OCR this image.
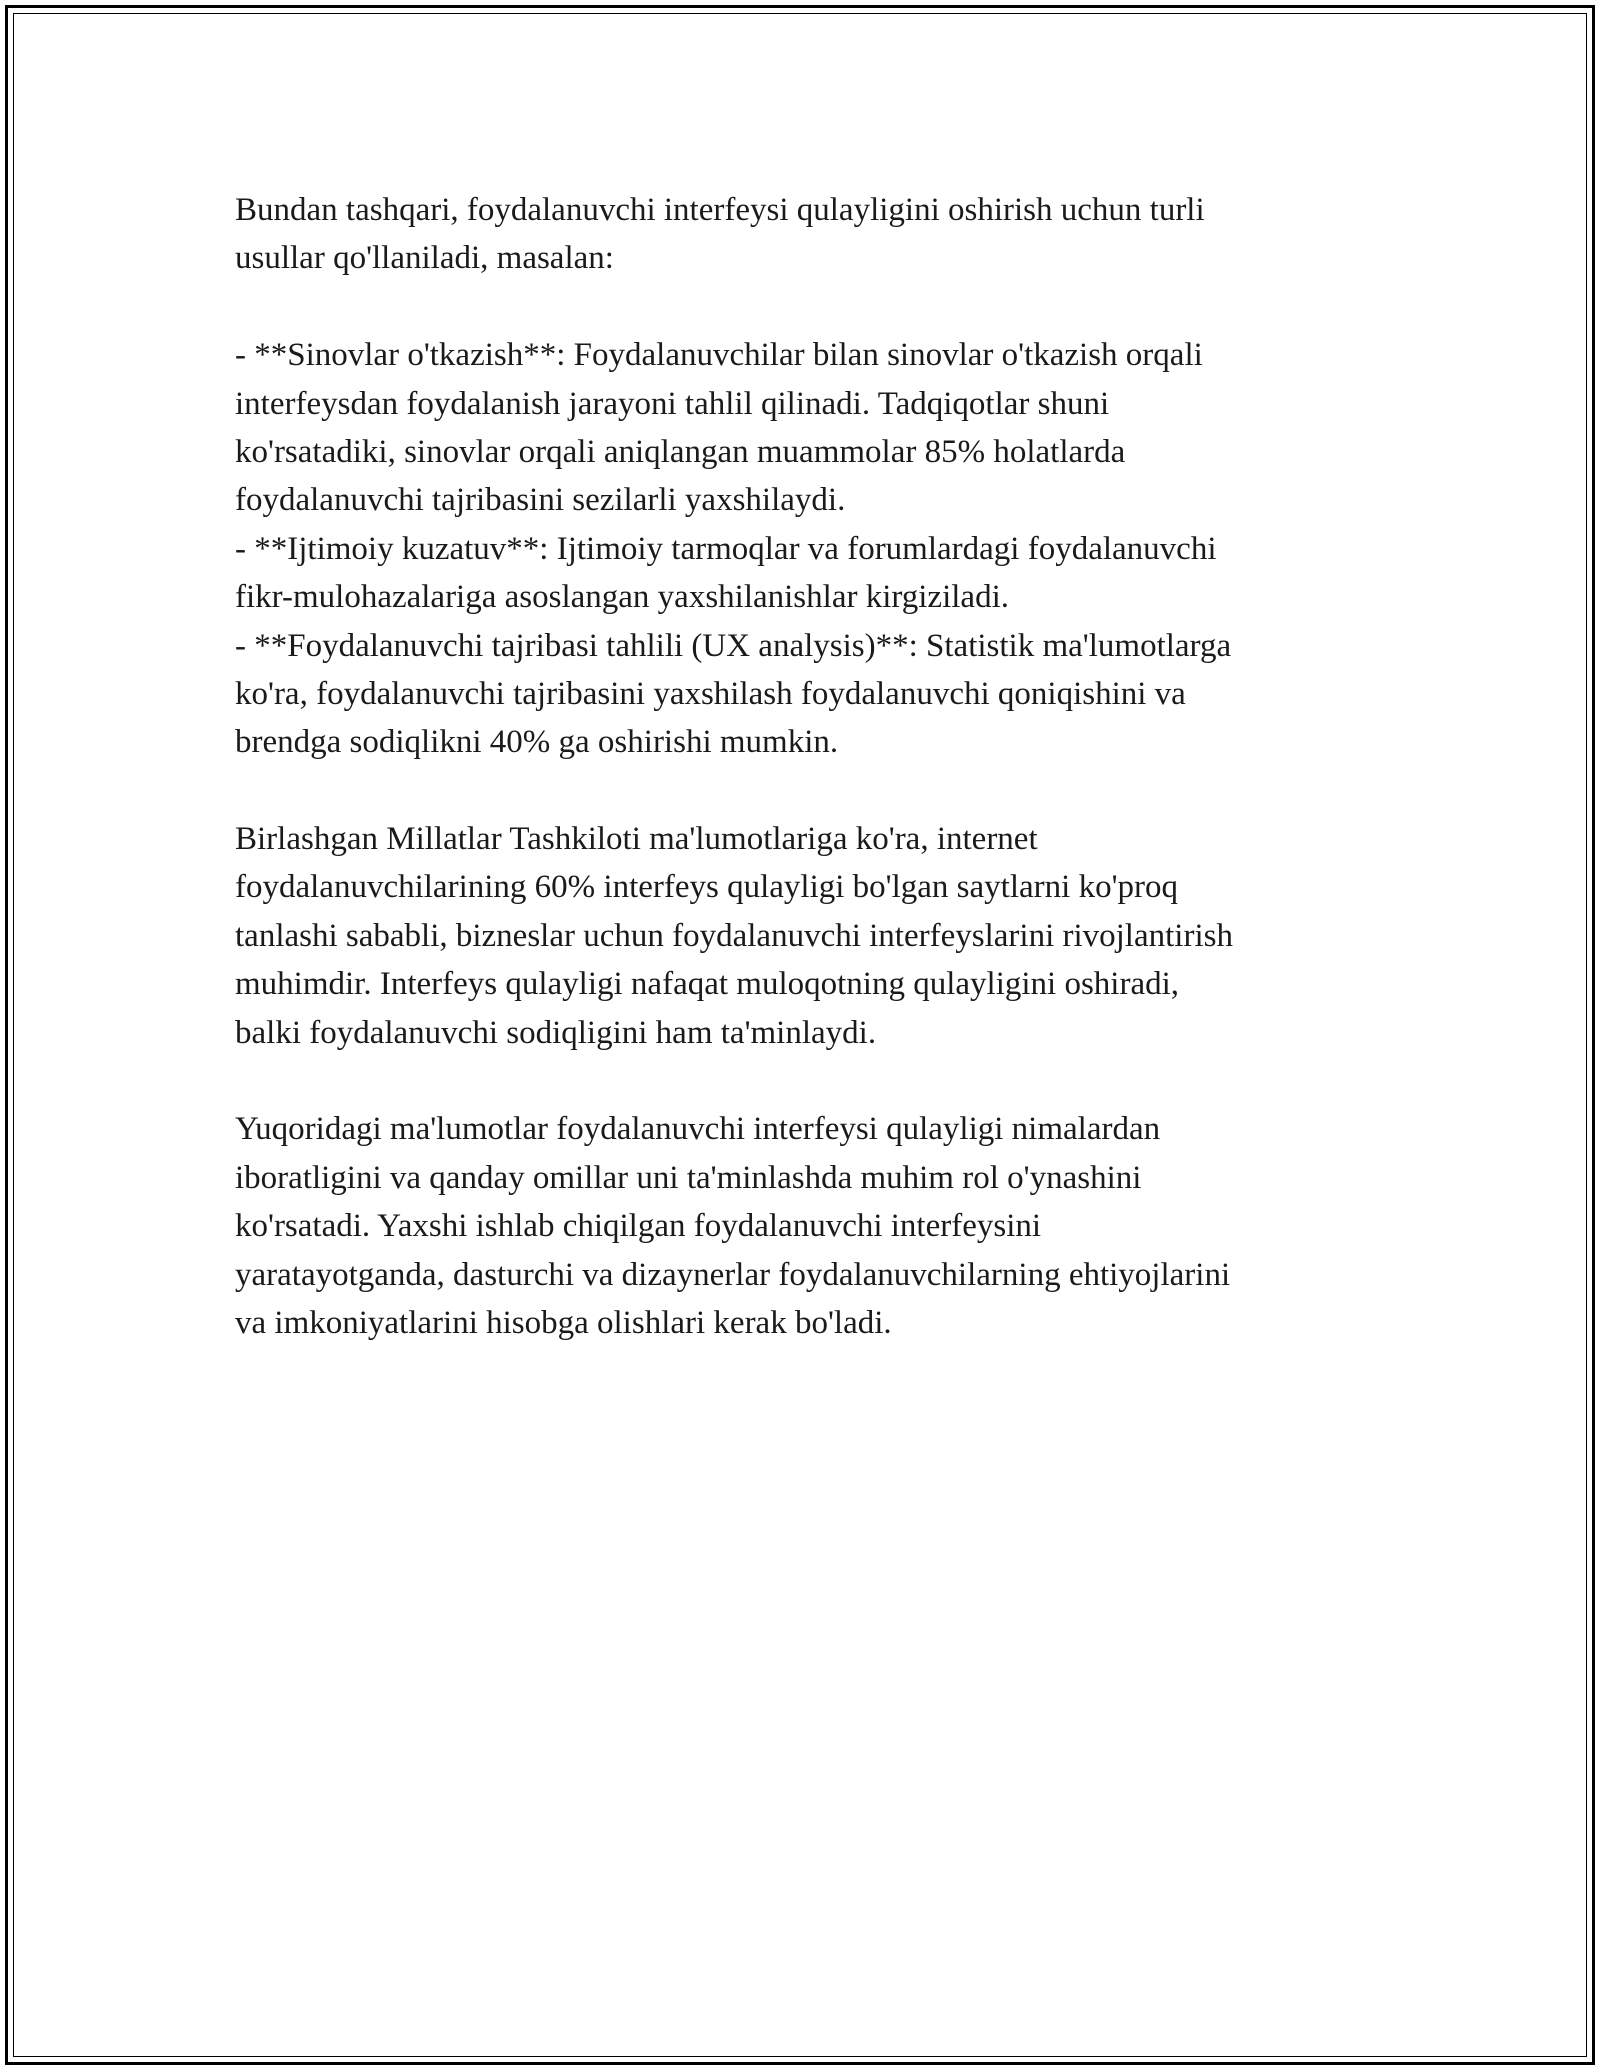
Bundan tashqari, foydalanuvchi interfeysi qulayligini oshirish uchun turli
usullar qo'llaniladi, masalan:
- **Sinovlar o'tkazish**: Foydalanuvchilar bilan sinovlar o'tkazish orqali
interfeysdan foydalanish jarayoni tahlil qilinadi. Tadqiqotlar shuni
ko'rsatadiki, sinovlar orqali aniqlangan muammolar 85% holatlarda
foydalanuvchi tajribasini sezilarli yaxshilaydi.
- **Ijtimoiy kuzatuv**: Ijtimoiy tarmoqlar va forumlardagi foydalanuvchi
fikr-mulohazalariga asoslangan yaxshilanishlar kirgiziladi.
- **Foydalanuvchi tajribasi tahlili (UX analysis)**: Statistik ma'lumotlarga
ko'ra, foydalanuvchi tajribasini yaxshilash foydalanuvchi qoniqishini va
brendga sodiqlikni 40% ga oshirishi mumkin.
Birlashgan Millatlar Tashkiloti ma'lumotlariga ko'ra, internet
foydalanuvchilarining 60% interfeys qulayligi bo'lgan saytlarni ko'proq
tanlashi sababli, bizneslar uchun foydalanuvchi interfeyslarini rivojlantirish
muhimdir. Interfeys qulayligi nafaqat muloqotning qulayligini oshiradi,
balki foydalanuvchi sodiqligini ham ta'minlaydi.
Yuqoridagi ma'lumotlar foydalanuvchi interfeysi qulayligi nimalardan
iboratligini va qanday omillar uni ta'minlashda muhim rol o'ynashini
ko'rsatadi. Yaxshi ishlab chiqilgan foydalanuvchi interfeysini
yaratayotganda, dasturchi va dizaynerlar foydalanuvchilarning ehtiyojlarini
va imkoniyatlarini hisobga olishlari kerak bo'ladi.
